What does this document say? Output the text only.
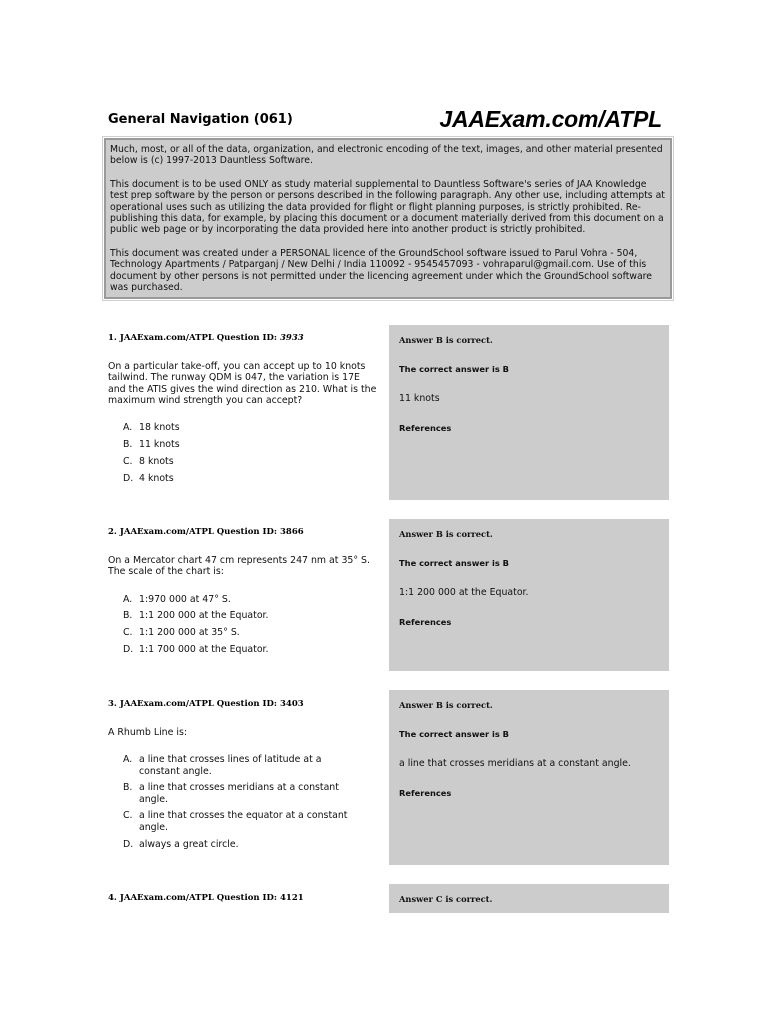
General Navigation (061)	JAAExam.com/ATPL

Much, most, or all of the data, organization, and electronic encoding of the text, images, and other material presented below is (c) 1997-2013 Dauntless Software.

This document is to be used ONLY as study material supplemental to Dauntless Software's series of JAA Knowledge test prep software by the person or persons described in the following paragraph. Any other use, including attempts at operational uses such as utilizing the data provided for flight or flight planning purposes, is strictly prohibited. Re-publishing this data, for example, by placing this document or a document materially derived from this document on a public web page or by incorporating the data provided here into another product is strictly prohibited.

This document was created under a PERSONAL licence of the GroundSchool software issued to Parul Vohra - 504, Technology Apartments / Patparganj / New Delhi / India 110092 - 9545457093 - vohraparul@gmail.com. Use of this document by other persons is not permitted under the licencing agreement under which the GroundSchool software was purchased.

1. JAAExam.com/ATPL Question ID: 3933
On a particular take-off, you can accept up to 10 knots tailwind. The runway QDM is 047, the variation is 17E and the ATIS gives the wind direction as 210. What is the maximum wind strength you can accept?
A. 18 knots
B. 11 knots
C. 8 knots
D. 4 knots
Answer B is correct.
The correct answer is B
11 knots
References
2. JAAExam.com/ATPL Question ID: 3866
On a Mercator chart 47 cm represents 247 nm at 35° S. The scale of the chart is:
A. 1:970 000 at 47° S.
B. 1:1 200 000 at the Equator.
C. 1:1 200 000 at 35° S.
D. 1:1 700 000 at the Equator.
Answer B is correct.
The correct answer is B
1:1 200 000 at the Equator.
References
3. JAAExam.com/ATPL Question ID: 3403
A Rhumb Line is:
A. a line that crosses lines of latitude at a constant angle.
B. a line that crosses meridians at a constant angle.
C. a line that crosses the equator at a constant angle.
D. always a great circle.
Answer B is correct.
The correct answer is B
a line that crosses meridians at a constant angle.
References
4. JAAExam.com/ATPL Question ID: 4121	Answer C is correct.
